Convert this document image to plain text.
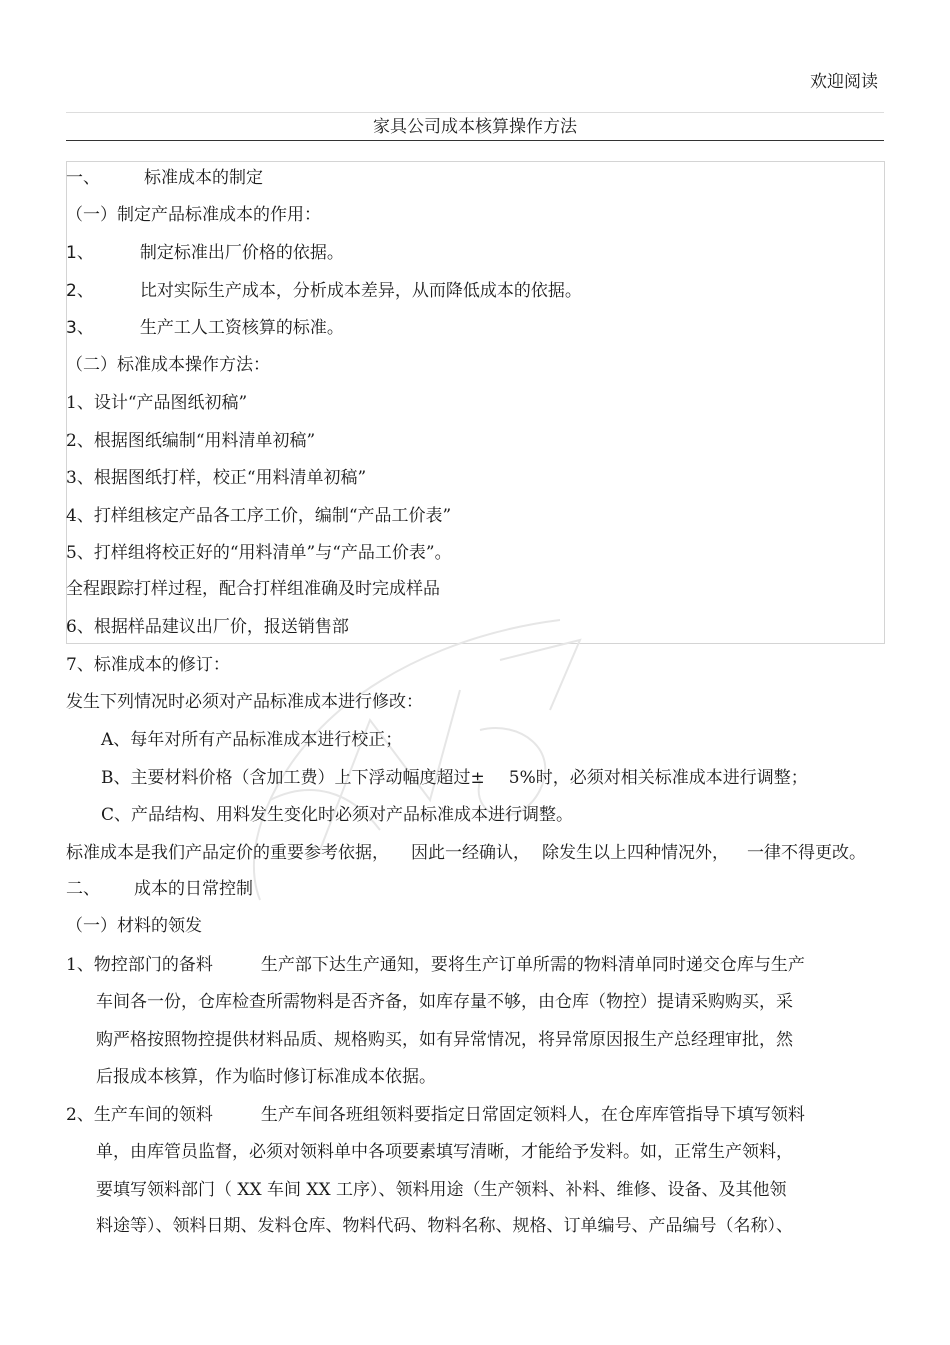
欢迎阅读
家具公司成本核算操作方法
一、	标准成本的制定
（一）制定产品标准成本的作用：
1、	制定标准出厂价格的依据。
2、	比对实际生产成本，分析成本差异，从而降低成本的依据。
3、	生产工人工资核算的标准。
（二）标准成本操作方法：
1、设计“产品图纸初稿”
2、根据图纸编制“用料清单初稿”
3、根据图纸打样，校正“用料清单初稿”
4、打样组核定产品各工序工价，编制“产品工价表”
5、打样组将校正好的“用料清单”与“产品工价表”。
全程跟踪打样过程，配合打样组准确及时完成样品
6、根据样品建议出厂价，报送销售部
7、标准成本的修订：
发生下列情况时必须对产品标准成本进行修改：
A、每年对所有产品标准成本进行校正；
B、主要材料价格（含加工费）上下浮动幅度超过± 5%时，必须对相关标准成本进行调整；
C、产品结构、用料发生变化时必须对产品标准成本进行调整。
标准成本是我们产品定价的重要参考依据， 因此一经确认， 除发生以上四种情况外， 一律不得更改。
二、 成本的日常控制
（一）材料的领发
1、物控部门的备料	生产部下达生产通知，要将生产订单所需的物料清单同时递交仓库与生产
车间各一份，仓库检查所需物料是否齐备，如库存量不够，由仓库（物控）提请采购购买，采
购严格按照物控提供材料品质、规格购买，如有异常情况，将异常原因报生产总经理审批，然
后报成本核算，作为临时修订标准成本依据。
2、生产车间的领料	生产车间各班组领料要指定日常固定领料人，在仓库库管指导下填写领料
单，由库管员监督，必须对领料单中各项要素填写清晰，才能给予发料。如，正常生产领料，
要填写领料部门（ XX 车间 XX 工序）、领料用途（生产领料、补料、维修、设备、及其他领
料途等）、领料日期、发料仓库、物料代码、物料名称、规格、订单编号、产品编号（名称）、
